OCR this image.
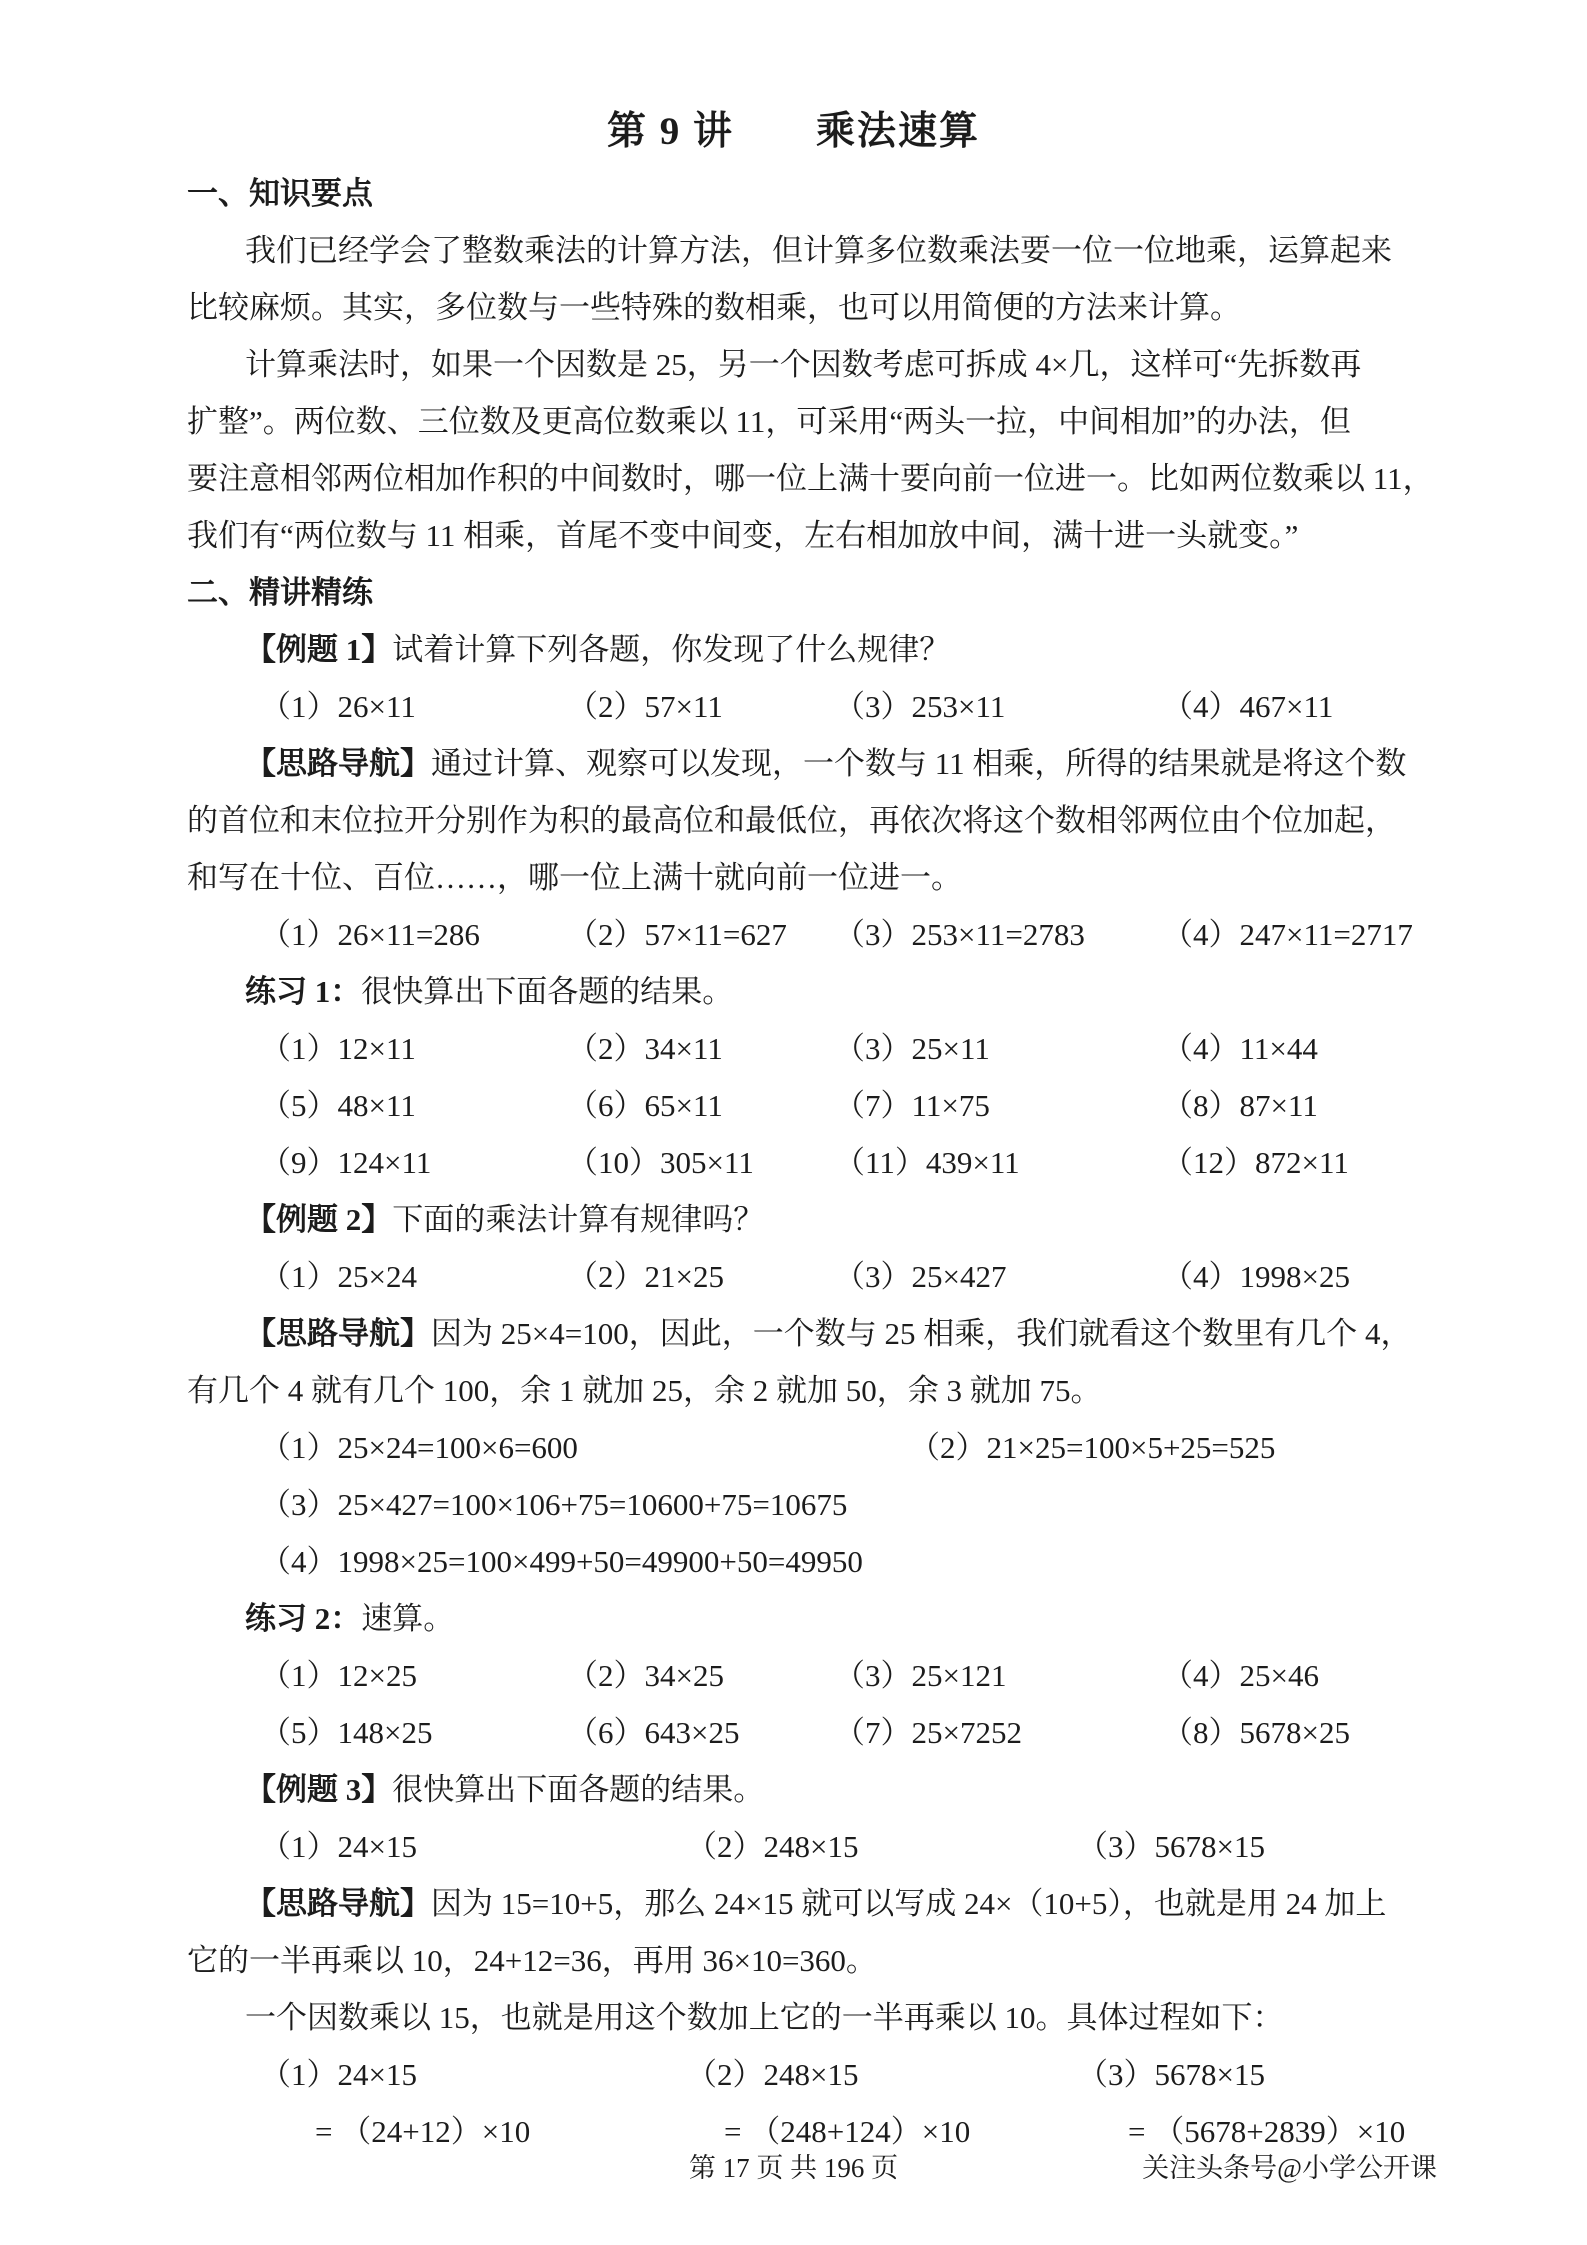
第 9 讲　　乘法速算
一、知识要点
我们已经学会了整数乘法的计算方法，但计算多位数乘法要一位一位地乘，运算起来
比较麻烦。其实，多位数与一些特殊的数相乘，也可以用简便的方法来计算。
计算乘法时，如果一个因数是 25，另一个因数考虑可拆成 4×几，这样可“先拆数再
扩整”。两位数、三位数及更高位数乘以 11，可采用“两头一拉，中间相加”的办法，但
要注意相邻两位相加作积的中间数时，哪一位上满十要向前一位进一。比如两位数乘以 11，
我们有“两位数与 11 相乘，首尾不变中间变，左右相加放中间，满十进一头就变。”
二、精讲精练
【例题 1】试着计算下列各题，你发现了什么规律？
（1）26×11	（2）57×11	（3）253×11	（4）467×11
【思路导航】通过计算、观察可以发现，一个数与 11 相乘，所得的结果就是将这个数
的首位和末位拉开分别作为积的最高位和最低位，再依次将这个数相邻两位由个位加起，
和写在十位、百位……，哪一位上满十就向前一位进一。
（1）26×11=286	（2）57×11=627	（3）253×11=2783	（4）247×11=2717
练习 1：很快算出下面各题的结果。
（1）12×11	（2）34×11	（3）25×11	（4）11×44
（5）48×11	（6）65×11	（7）11×75	（8）87×11
（9）124×11	（10）305×11	（11）439×11	（12）872×11
【例题 2】下面的乘法计算有规律吗？
（1）25×24	（2）21×25	（3）25×427	（4）1998×25
【思路导航】因为 25×4=100，因此，一个数与 25 相乘，我们就看这个数里有几个 4，
有几个 4 就有几个 100，余 1 就加 25，余 2 就加 50，余 3 就加 75。
（1）25×24=100×6=600	（2）21×25=100×5+25=525
（3）25×427=100×106+75=10600+75=10675
（4）1998×25=100×499+50=49900+50=49950
练习 2：速算。
（1）12×25	（2）34×25	（3）25×121	（4）25×46
（5）148×25	（6）643×25	（7）25×7252	（8）5678×25
【例题 3】很快算出下面各题的结果。
（1）24×15	（2）248×15	（3）5678×15
【思路导航】因为 15=10+5，那么 24×15 就可以写成 24×（10+5），也就是用 24 加上
它的一半再乘以 10，24+12=36，再用 36×10=360。
一个因数乘以 15，也就是用这个数加上它的一半再乘以 10。具体过程如下：
（1）24×15	（2）248×15	（3）5678×15
= （24+12）×10	= （248+124）×10	= （5678+2839）×10
第 17 页 共 196 页	关注头条号@小学公开课
